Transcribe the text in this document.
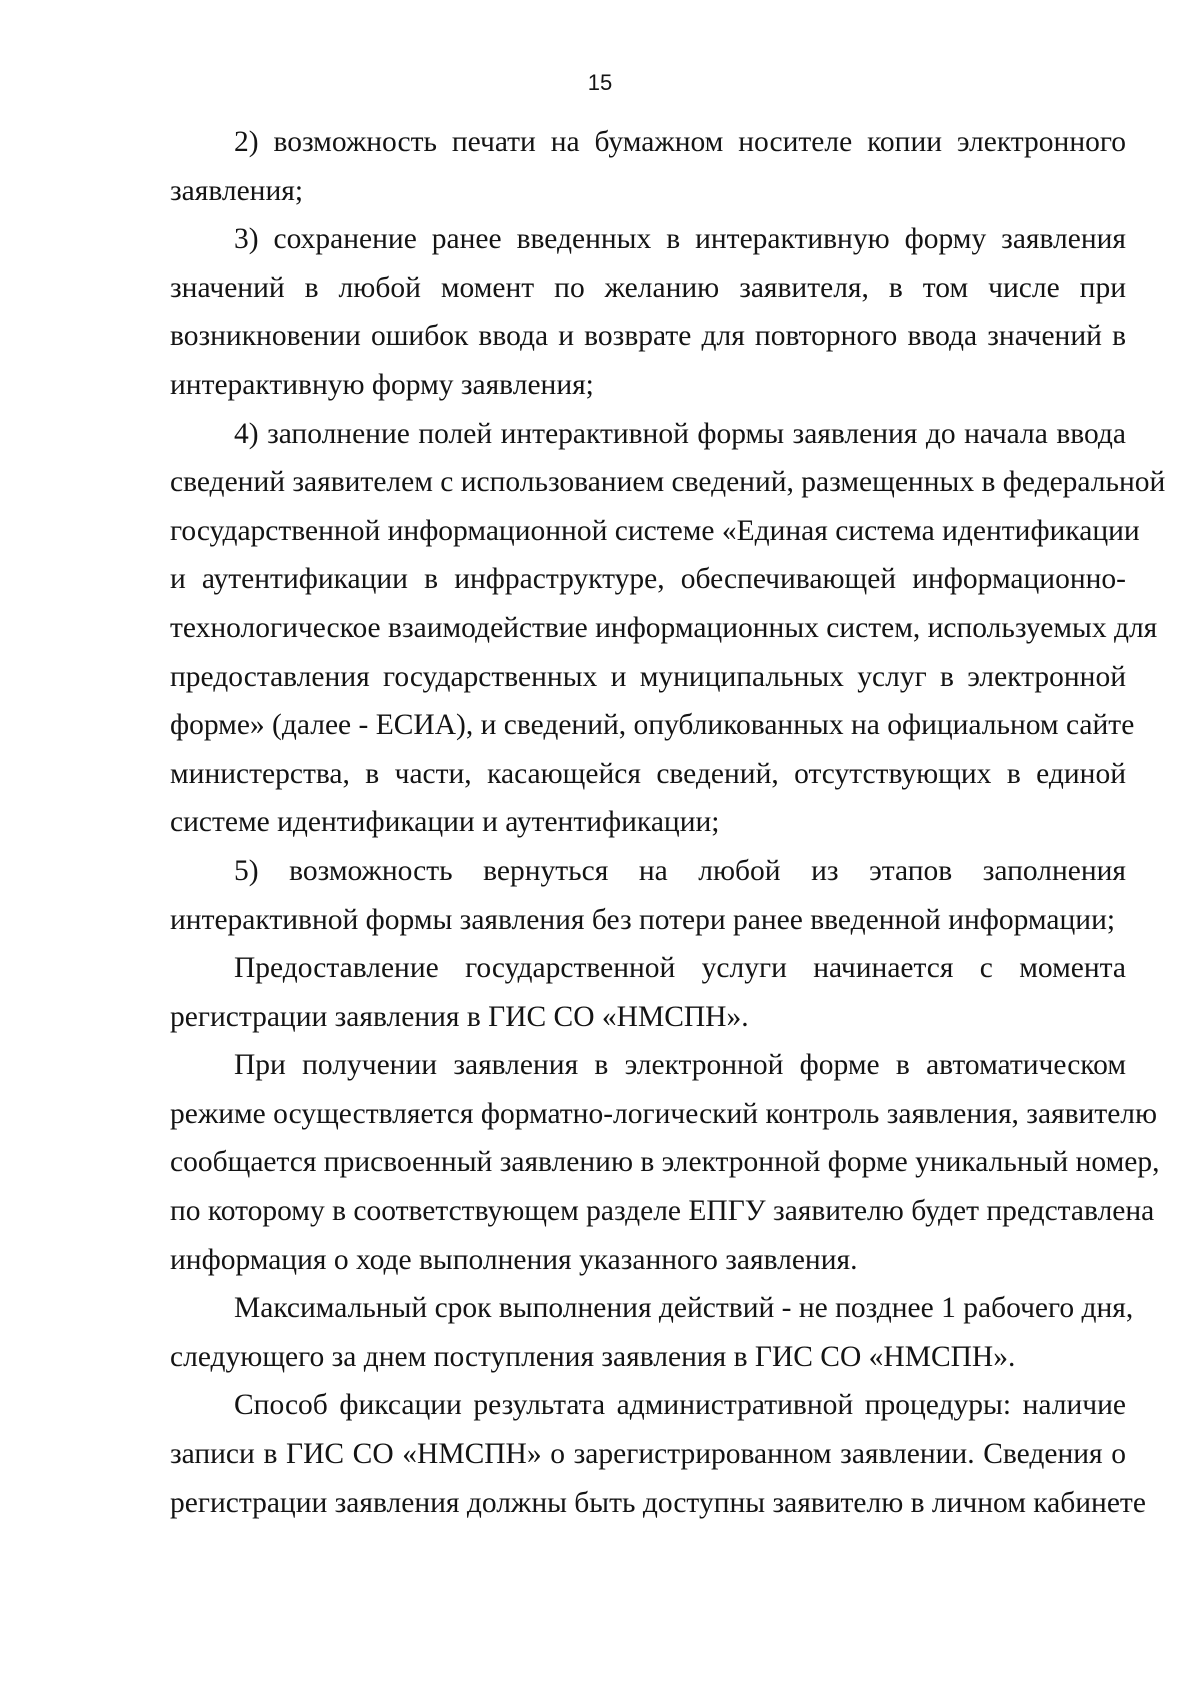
15
2) возможность печати на бумажном носителе копии электронного
заявления;
3) сохранение ранее введенных в интерактивную форму заявления
значений в любой момент по желанию заявителя, в том числе при
возникновении ошибок ввода и возврате для повторного ввода значений в
интерактивную форму заявления;
4) заполнение полей интерактивной формы заявления до начала ввода
сведений заявителем с использованием сведений, размещенных в федеральной
государственной информационной системе «Единая система идентификации
и аутентификации в инфраструктуре, обеспечивающей информационно-
технологическое взаимодействие информационных систем, используемых для
предоставления государственных и муниципальных услуг в электронной
форме» (далее - ЕСИА), и сведений, опубликованных на официальном сайте
министерства, в части, касающейся сведений, отсутствующих в единой
системе идентификации и аутентификации;
5) возможность вернуться на любой из этапов заполнения
интерактивной формы заявления без потери ранее введенной информации;
Предоставление государственной услуги начинается с момента
регистрации заявления в ГИС СО «НМСПН».
При получении заявления в электронной форме в автоматическом
режиме осуществляется форматно-логический контроль заявления, заявителю
сообщается присвоенный заявлению в электронной форме уникальный номер,
по которому в соответствующем разделе ЕПГУ заявителю будет представлена
информация о ходе выполнения указанного заявления.
Максимальный срок выполнения действий - не позднее 1 рабочего дня,
следующего за днем поступления заявления в ГИС СО «НМСПН».
Способ фиксации результата административной процедуры: наличие
записи в ГИС СО «НМСПН» о зарегистрированном заявлении. Сведения о
регистрации заявления должны быть доступны заявителю в личном кабинете
